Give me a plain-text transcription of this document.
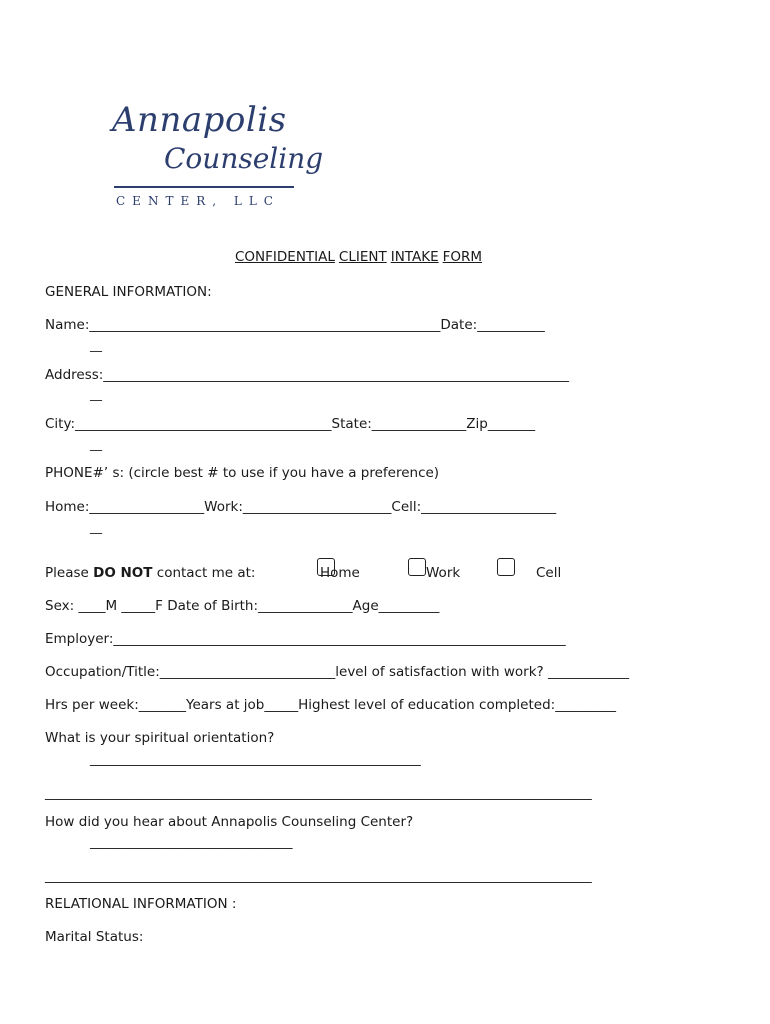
Annapolis
Counseling
CENTER, LLC
CONFIDENTIAL CLIENT INTAKE FORM
GENERAL INFORMATION:
Name:____________________________________________________Date:__________
__
Address:_____________________________________________________________________
__
City:______________________________________State:______________Zip_______
__
PHONE#’ s: (circle best # to use if you have a preference)
Home:_________________Work:______________________Cell:____________________
__
Please DO NOT contact me at:	Home	Work	Cell
Sex: ____M _____F Date of Birth:______________Age_________
Employer:___________________________________________________________________
Occupation/Title:__________________________level of satisfaction with work? ____________
Hrs per week:_______Years at job_____Highest level of education completed:_________
What is your spiritual orientation?
_________________________________________________
_________________________________________________________________________________
How did you hear about Annapolis Counseling Center?
______________________________
_________________________________________________________________________________
RELATIONAL INFORMATION :
Marital Status:
